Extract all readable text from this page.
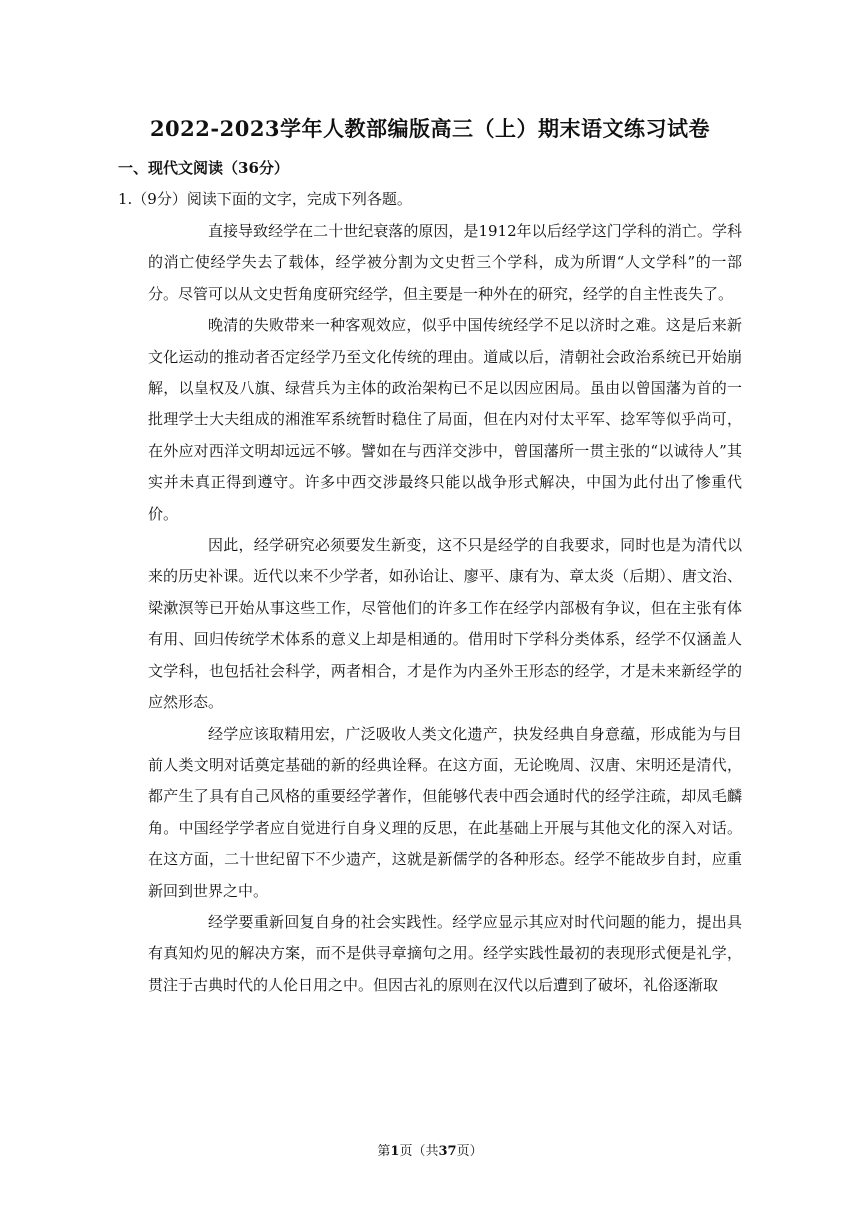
2022-2023学年人教部编版高三（上）期末语文练习试卷
一、现代文阅读（36分）
1.（9分）阅读下面的文字，完成下列各题。

直接导致经学在二十世纪衰落的原因，是1912年以后经学这门学科的消亡。学科的消亡使经学失去了载体，经学被分割为文史哲三个学科，成为所谓“人文学科”的一部分。尽管可以从文史哲角度研究经学，但主要是一种外在的研究，经学的自主性丧失了。

晚清的失败带来一种客观效应，似乎中国传统经学不足以济时之难。这是后来新文化运动的推动者否定经学乃至文化传统的理由。道咸以后，清朝社会政治系统已开始崩解，以皇权及八旗、绿营兵为主体的政治架构已不足以因应困局。虽由以曾国藩为首的一批理学士大夫组成的湘淮军系统暂时稳住了局面，但在内对付太平军、捻军等似乎尚可，在外应对西洋文明却远远不够。譬如在与西洋交涉中，曾国藩所一贯主张的“以诚待人”其实并未真正得到遵守。许多中西交涉最终只能以战争形式解决，中国为此付出了惨重代价。

因此，经学研究必须要发生新变，这不只是经学的自我要求，同时也是为清代以来的历史补课。近代以来不少学者，如孙诒让、廖平、康有为、章太炎（后期）、唐文治、梁漱溟等已开始从事这些工作，尽管他们的许多工作在经学内部极有争议，但在主张有体有用、回归传统学术体系的意义上却是相通的。借用时下学科分类体系，经学不仅涵盖人文学科，也包括社会科学，两者相合，才是作为内圣外王形态的经学，才是未来新经学的应然形态。

经学应该取精用宏，广泛吸收人类文化遗产，抉发经典自身意蕴，形成能为与目前人类文明对话奠定基础的新的经典诠释。在这方面，无论晚周、汉唐、宋明还是清代，都产生了具有自己风格的重要经学著作，但能够代表中西会通时代的经学注疏，却凤毛麟角。中国经学学者应自觉进行自身义理的反思，在此基础上开展与其他文化的深入对话。在这方面，二十世纪留下不少遗产，这就是新儒学的各种形态。经学不能故步自封，应重新回到世界之中。

经学要重新回复自身的社会实践性。经学应显示其应对时代问题的能力，提出具有真知灼见的解决方案，而不是供寻章摘句之用。经学实践性最初的表现形式便是礼学，贯注于古典时代的人伦日用之中。但因古礼的原则在汉代以后遭到了破坏，礼俗逐渐取

第1页（共37页）
